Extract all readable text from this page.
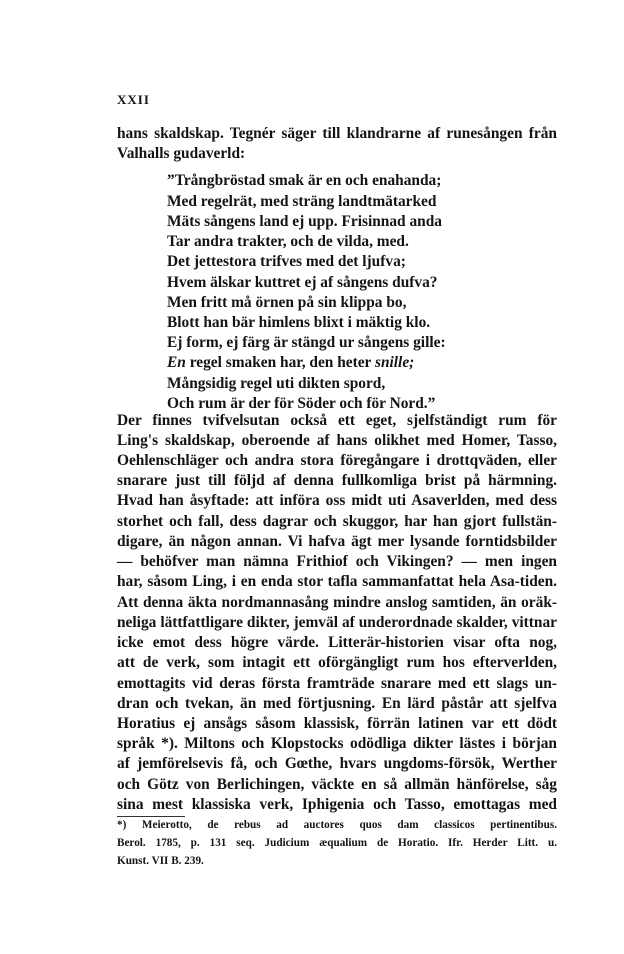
XXII
hans skaldskap. Tegnér säger till klandrarne af runesången från
Valhalls gudaverld:
”Trångbröstad smak är en och enahanda;
Med regelrät, med sträng landtmätarked
Mäts sångens land ej upp. Frisinnad anda
Tar andra trakter, och de vilda, med.
Det jettestora trifves med det ljufva;
Hvem älskar kuttret ej af sångens dufva?
Men fritt må örnen på sin klippa bo,
Blott han bär himlens blixt i mäktig klo.
Ej form, ej färg är stängd ur sångens gille:
En regel smaken har, den heter snille;
Mångsidig regel uti dikten spord,
Och rum är der för Söder och för Nord.”
Der finnes tvifvelsutan också ett eget, sjelfständigt rum för
Ling's skaldskap, oberoende af hans olikhet med Homer, Tasso,
Oehlenschläger och andra stora föregångare i drottqväden, eller
snarare just till följd af denna fullkomliga brist på härmning.
Hvad han åsyftade: att införa oss midt uti Asaverlden, med dess
storhet och fall, dess dagrar och skuggor, har han gjort fullstän-
digare, än någon annan. Vi hafva ägt mer lysande forntidsbilder
— behöfver man nämna Frithiof och Vikingen? — men ingen
har, såsom Ling, i en enda stor tafla sammanfattat hela Asa-tiden.
Att denna äkta nordmannasång mindre anslog samtiden, än oräk-
neliga lättfattligare dikter, jemväl af underordnade skalder, vittnar
icke emot dess högre värde. Litterär-historien visar ofta nog,
att de verk, som intagit ett oförgängligt rum hos efterverlden,
emottagits vid deras första framträde snarare med ett slags un-
dran och tvekan, än med förtjusning. En lärd påstår att sjelfva
Horatius ej ansågs såsom klassisk, förrän latinen var ett dödt
språk *). Miltons och Klopstocks odödliga dikter lästes i början
af jemförelsevis få, och Gœthe, hvars ungdoms-försök, Werther
och Götz von Berlichingen, väckte en så allmän hänförelse, såg
sina mest klassiska verk, Iphigenia och Tasso, emottagas med
*) Meierotto, de rebus ad auctores quos dam classicos pertinentibus.
Berol. 1785, p. 131 seq. Judicium æqualium de Horatio. Ifr. Herder Litt. u.
Kunst. VII B. 239.
